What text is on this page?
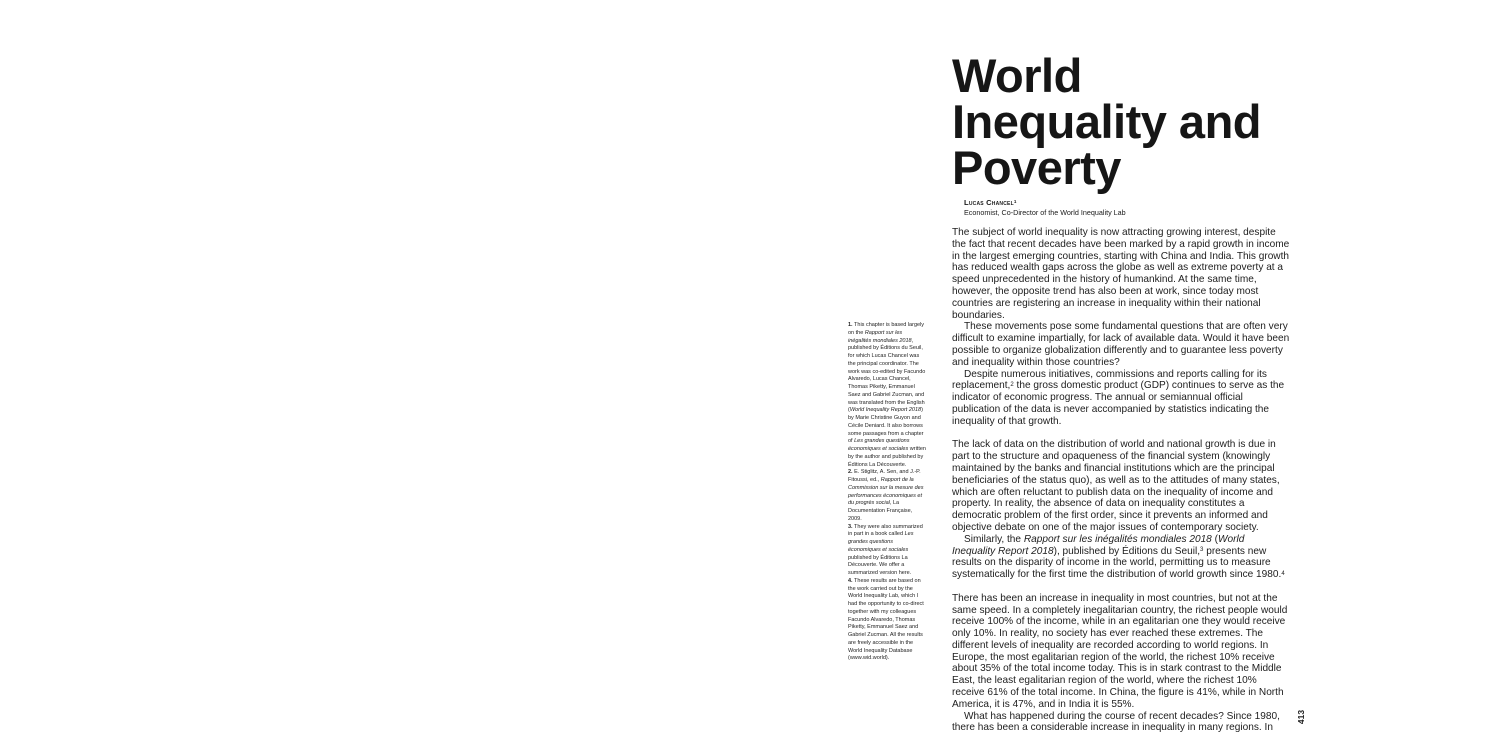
World
Inequality and
Poverty
Lucas Chancel$^1$
Economist, Co-Director of the World Inequality Lab

The subject of world inequality is now attracting growing interest, despite the fact that recent decades have been marked by a rapid growth in income in the largest emerging countries, starting with China and India. This growth has reduced wealth gaps across the globe as well as extreme poverty at a speed unprecedented in the history of humankind. At the same time, however, the opposite trend has also been at work, since today most countries are registering an increase in inequality within their national boundaries.

These movements pose some fundamental questions that are often very difficult to examine impartially, for lack of available data. Would it have been possible to organize globalization differently and to guarantee less poverty and inequality within those countries?

Despite numerous initiatives, commissions and reports calling for its replacement,$^2$ the gross domestic product (GDP) continues to serve as the indicator of economic progress. The annual or semiannual official publication of the data is never accompanied by statistics indicating the inequality of that growth.

The lack of data on the distribution of world and national growth is due in part to the structure and opaqueness of the financial system (knowingly maintained by the banks and financial institutions which are the principal beneficiaries of the status quo), as well as to the attitudes of many states, which are often reluctant to publish data on the inequality of income and property. In reality, the absence of data on inequality constitutes a democratic problem of the first order, since it prevents an informed and objective debate on one of the major issues of contemporary society.

Similarly, the Rapport sur les inégalités mondiales 2018 (World Inequality Report 2018), published by Éditions du Seuil,$^3$ presents new results on the disparity of income in the world, permitting us to measure systematically for the first time the distribution of world growth since 1980.$^4$

There has been an increase in inequality in most countries, but not at the same speed. In a completely inegalitarian country, the richest people would receive 100% of the income, while in an egalitarian one they would receive only 10%. In reality, no society has ever reached these extremes. The different levels of inequality are recorded according to world regions. In Europe, the most egalitarian region of the world, the richest 10% receive about 35% of the total income today. This is in stark contrast to the Middle East, the least egalitarian region of the world, where the richest 10% receive 61% of the total income. In China, the figure is 41%, while in North America, it is 47%, and in India it is 55%.

What has happened during the course of recent decades? Since 1980, there has been a considerable increase in inequality in many regions. In

1. This chapter is based largely on the Rapport sur les inégalités mondiales 2018, published by Éditions du Seuil, for which Lucas Chancel was the principal coordinator. The work was co-edited by Facundo Alvaredo, Lucas Chancel, Thomas Piketty, Emmanuel Saez and Gabriel Zucman, and was translated from the English (World Inequality Report 2018) by Marie Christine Guyon and Cécile Deniard. It also borrows some passages from a chapter of Les grandes questions économiques et sociales written by the author and published by Éditions La Découverte.

2. E. Stiglitz, A. Sen, and J.-P. Fitoussi, ed., Rapport de la Commission sur la mesure des performances économiques et du progrès social, La Documentation Française, 2009.

3. They were also summarized in part in a book called Les grandes questions économiques et sociales published by Éditions La Découverte. We offer a summarized version here.

4. These results are based on the work carried out by the World Inequality Lab, which I had the opportunity to co-direct together with my colleagues Facundo Alvaredo, Thomas Piketty, Emmanuel Saez and Gabriel Zucman. All the results are freely accessible in the World Inequality Database (www.wid.world).

413
